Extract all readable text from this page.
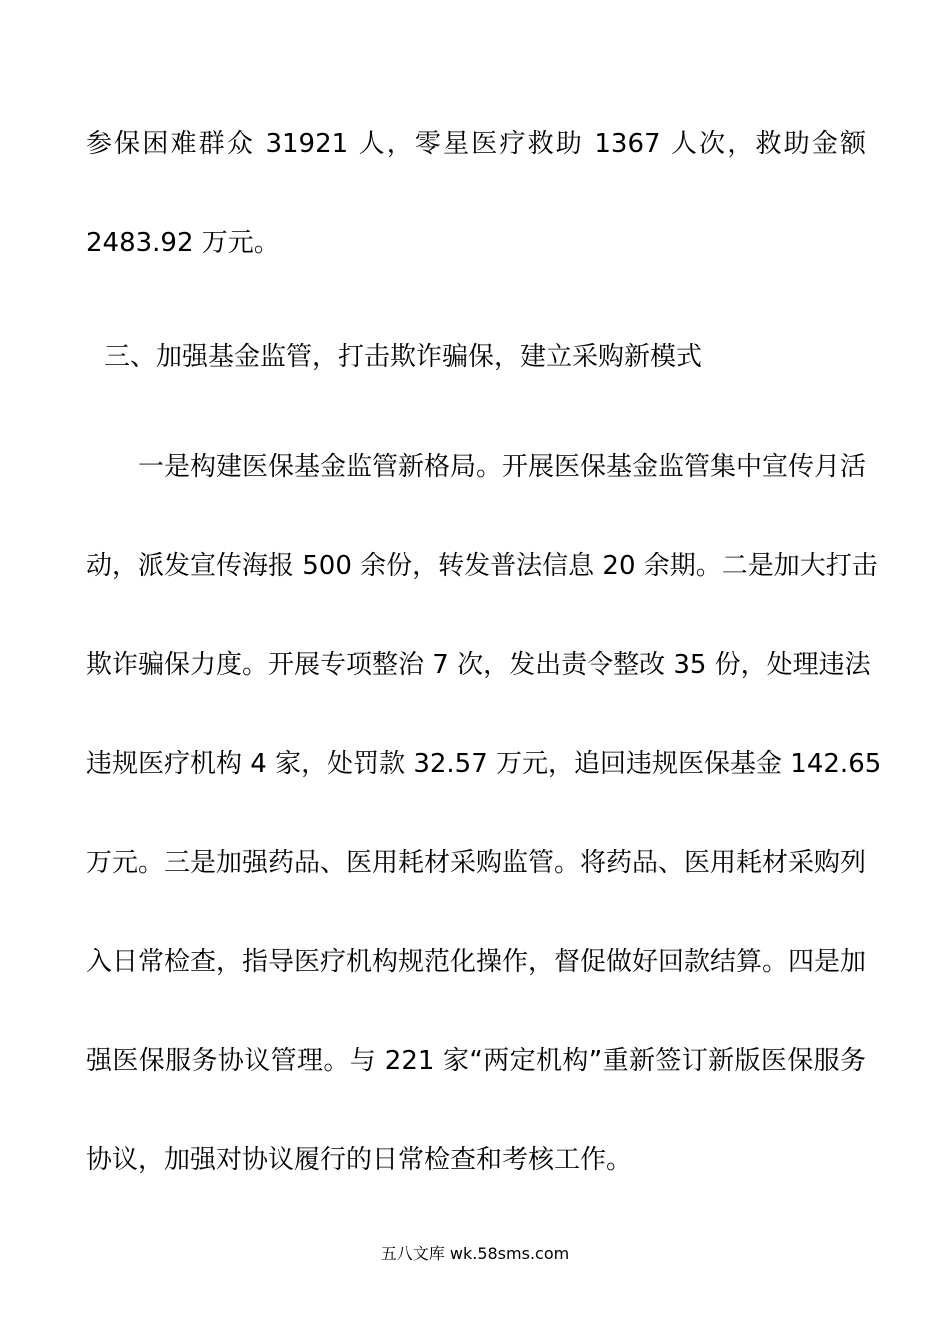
参保困难群众 31921 人，零星医疗救助 1367 人次，救助金额
2483.92 万元。
三、加强基金监管，打击欺诈骗保，建立采购新模式
一是构建医保基金监管新格局。开展医保基金监管集中宣传月活
动，派发宣传海报 500 余份，转发普法信息 20 余期。二是加大打击
欺诈骗保力度。开展专项整治 7 次，发出责令整改 35 份，处理违法
违规医疗机构 4 家，处罚款 32.57 万元，追回违规医保基金 142.65
万元。三是加强药品、医用耗材采购监管。将药品、医用耗材采购列
入日常检查，指导医疗机构规范化操作，督促做好回款结算。四是加
强医保服务协议管理。与 221 家“两定机构”重新签订新版医保服务
协议，加强对协议履行的日常检查和考核工作。
五八文库 wk.58sms.com
